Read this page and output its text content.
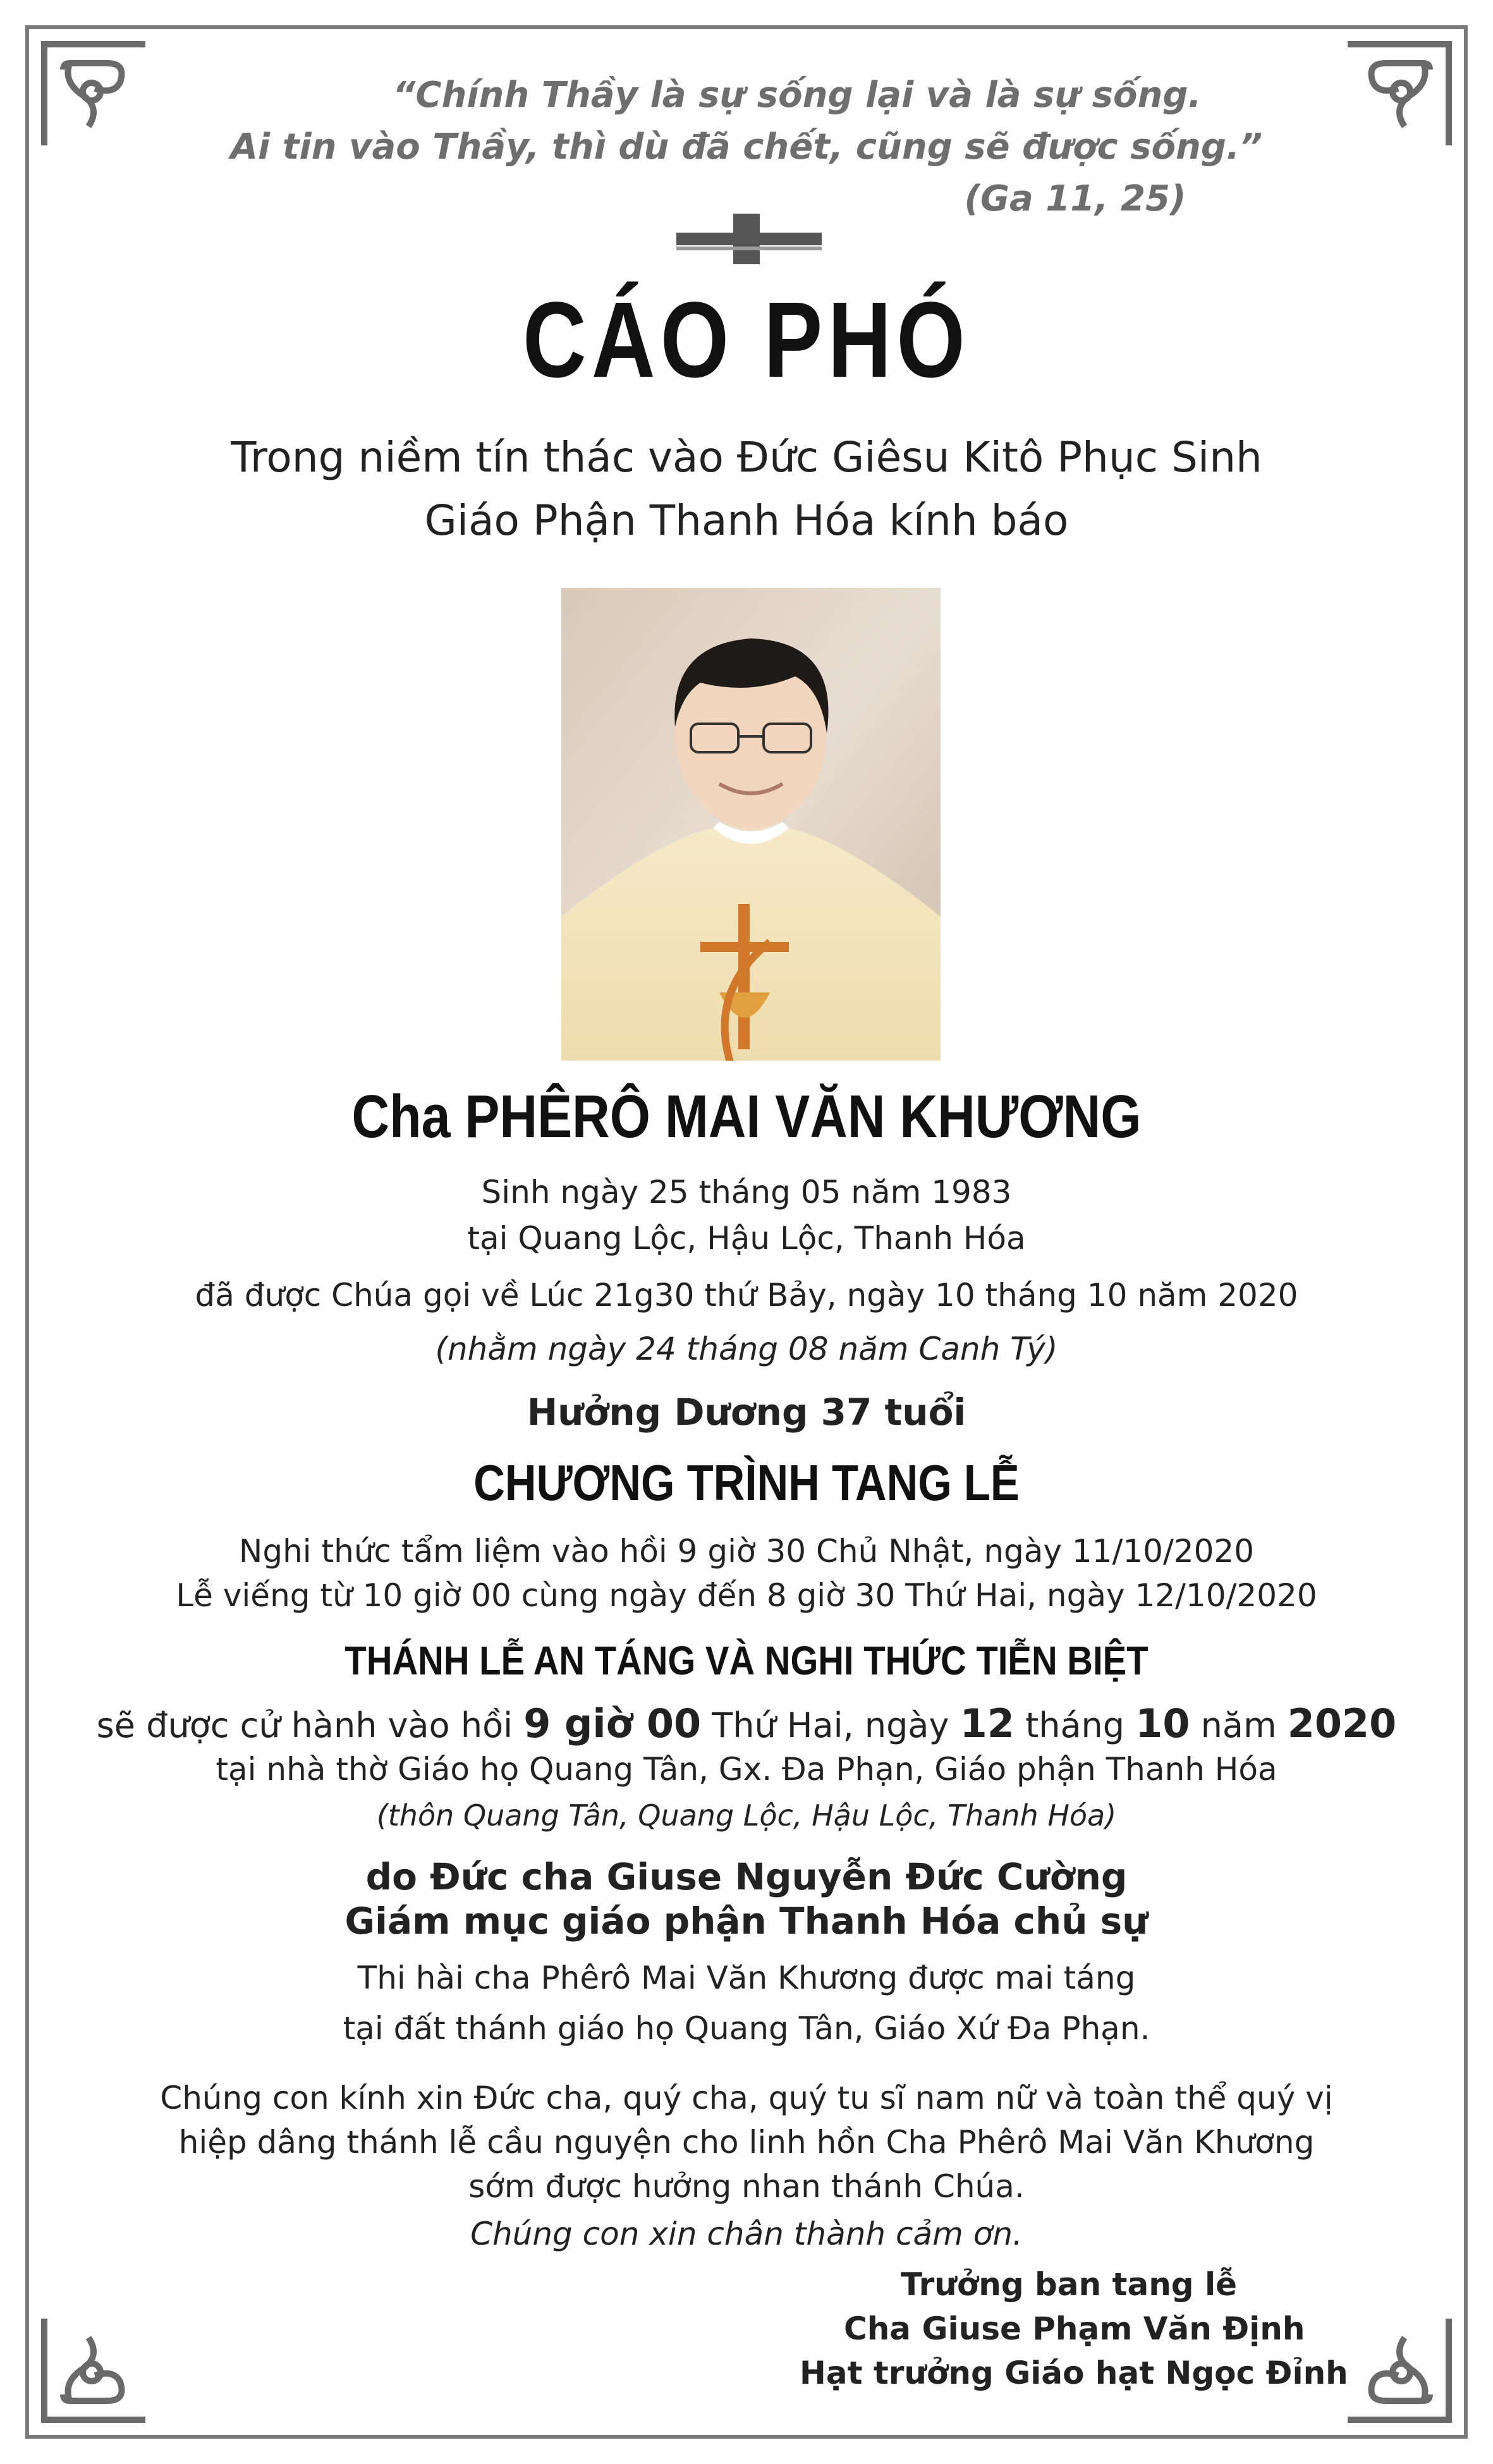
“Chính Thầy là sự sống lại và là sự sống.
Ai tin vào Thầy, thì dù đã chết, cũng sẽ được sống.”
(Ga 11, 25)
CÁO PHÓ
Trong niềm tín thác vào Đức Giêsu Kitô Phục Sinh
Giáo Phận Thanh Hóa kính báo
Cha PHÊRÔ MAI VĂN KHƯƠNG
Sinh ngày 25 tháng 05 năm 1983
tại Quang Lộc, Hậu Lộc, Thanh Hóa
đã được Chúa gọi về Lúc 21g30 thứ Bảy, ngày 10 tháng 10 năm 2020
(nhằm ngày 24 tháng 08 năm Canh Tý)
Hưởng Dương 37 tuổi
CHƯƠNG TRÌNH TANG LỄ
Nghi thức tẩm liệm vào hồi 9 giờ 30 Chủ Nhật, ngày 11/10/2020
Lễ viếng từ 10 giờ 00 cùng ngày đến 8 giờ 30 Thứ Hai, ngày 12/10/2020
THÁNH LỄ AN TÁNG VÀ NGHI THỨC TIỄN BIỆT
sẽ được cử hành vào hồi 9 giờ 00 Thứ Hai, ngày 12 tháng 10 năm 2020
tại nhà thờ Giáo họ Quang Tân, Gx. Đa Phạn, Giáo phận Thanh Hóa
(thôn Quang Tân, Quang Lộc, Hậu Lộc, Thanh Hóa)
do Đức cha Giuse Nguyễn Đức Cường
Giám mục giáo phận Thanh Hóa chủ sự
Thi hài cha Phêrô Mai Văn Khương được mai táng
tại đất thánh giáo họ Quang Tân, Giáo Xứ Đa Phạn.
Chúng con kính xin Đức cha, quý cha, quý tu sĩ nam nữ và toàn thể quý vị
hiệp dâng thánh lễ cầu nguyện cho linh hồn Cha Phêrô Mai Văn Khương
sớm được hưởng nhan thánh Chúa.
Chúng con xin chân thành cảm ơn.
Trưởng ban tang lễ
Cha Giuse Phạm Văn Định
Hạt trưởng Giáo hạt Ngọc Đỉnh
